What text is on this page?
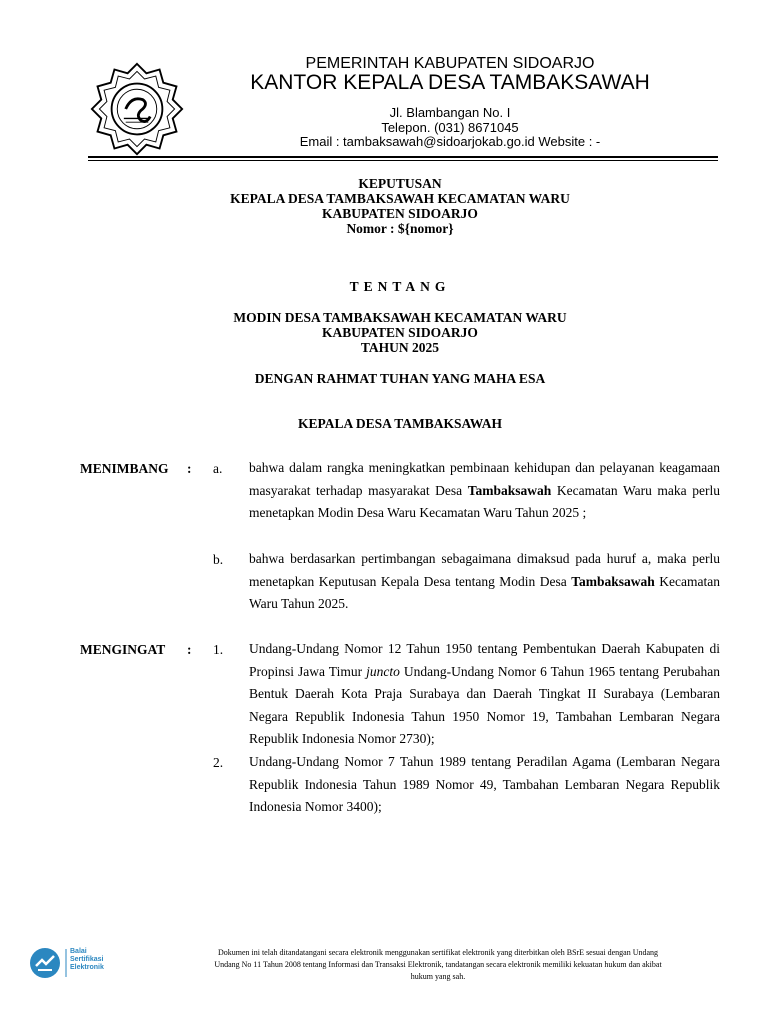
PEMERINTAH KABUPATEN SIDOARJO
KANTOR KEPALA DESA TAMBAKSAWAH
Jl. Blambangan No. I
Telepon. (031) 8671045
Email : tambaksawah@sidoarjokab.go.id Website : -
KEPUTUSAN
KEPALA DESA TAMBAKSAWAH KECAMATAN WARU
KABUPATEN SIDOARJO
Nomor : ${nomor}
TENTANG
MODIN DESA TAMBAKSAWAH KECAMATAN WARU
KABUPATEN SIDOARJO
TAHUN 2025
DENGAN RAHMAT TUHAN YANG MAHA ESA
KEPALA DESA TAMBAKSAWAH
MENIMBANG : a. bahwa dalam rangka meningkatkan pembinaan kehidupan dan pelayanan keagamaan masyarakat terhadap masyarakat Desa Tambaksawah Kecamatan Waru maka perlu menetapkan Modin Desa Waru Kecamatan Waru Tahun 2025 ;
b. bahwa berdasarkan pertimbangan sebagaimana dimaksud pada huruf a, maka perlu menetapkan Keputusan Kepala Desa tentang Modin Desa Tambaksawah Kecamatan Waru Tahun 2025.
MENGINGAT : 1. Undang-Undang Nomor 12 Tahun 1950 tentang Pembentukan Daerah Kabupaten di Propinsi Jawa Timur juncto Undang-Undang Nomor 6 Tahun 1965 tentang Perubahan Bentuk Daerah Kota Praja Surabaya dan Daerah Tingkat II Surabaya (Lembaran Negara Republik Indonesia Tahun 1950 Nomor 19, Tambahan Lembaran Negara Republik Indonesia Nomor 2730);
2. Undang-Undang Nomor 7 Tahun 1989 tentang Peradilan Agama (Lembaran Negara Republik Indonesia Tahun 1989 Nomor 49, Tambahan Lembaran Negara Republik Indonesia Nomor 3400);
Balai
Sertifikasi
Elektronik
Dokumen ini telah ditandatangani secara elektronik menggunakan sertifikat elektronik yang diterbitkan oleh BSrE sesuai dengan Undang
Undang No 11 Tahun 2008 tentang Informasi dan Transaksi Elektronik, tandatangan secara elektronik memiliki kekuatan hukum dan akibat
hukum yang sah.
